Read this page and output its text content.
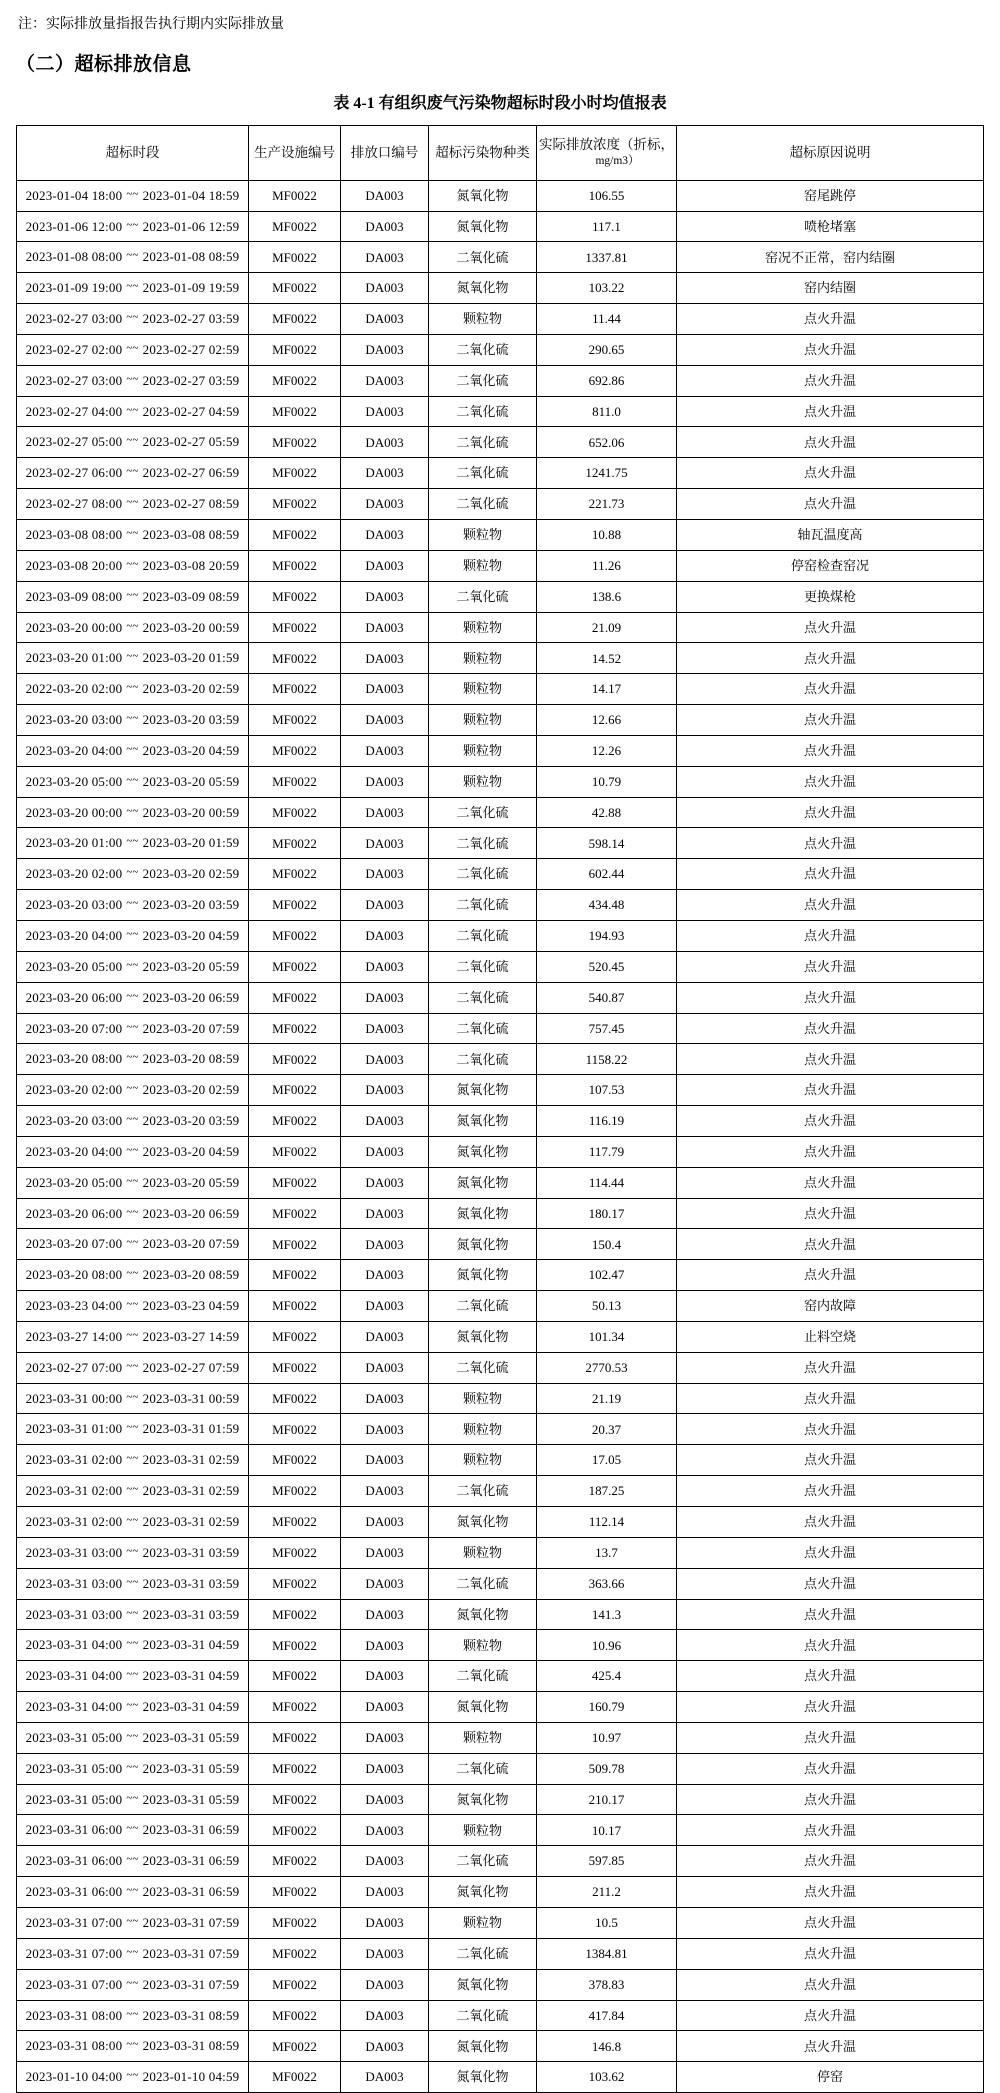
注：实际排放量指报告执行期内实际排放量
（二）超标排放信息
表 4-1 有组织废气污染物超标时段小时均值报表
超标时段	生产设施编号	排放口编号	超标污染物种类	实际排放浓度（折标，
mg/m3）	超标原因说明
2023-01-04 18:00 ~~ 2023-01-04 18:59	MF0022	DA003	氮氧化物	106.55	窑尾跳停
2023-01-06 12:00 ~~ 2023-01-06 12:59	MF0022	DA003	氮氧化物	117.1	喷枪堵塞
2023-01-08 08:00 ~~ 2023-01-08 08:59	MF0022	DA003	二氧化硫	1337.81	窑况不正常，窑内结圈
2023-01-09 19:00 ~~ 2023-01-09 19:59	MF0022	DA003	氮氧化物	103.22	窑内结圈
2023-02-27 03:00 ~~ 2023-02-27 03:59	MF0022	DA003	颗粒物	11.44	点火升温
2023-02-27 02:00 ~~ 2023-02-27 02:59	MF0022	DA003	二氧化硫	290.65	点火升温
2023-02-27 03:00 ~~ 2023-02-27 03:59	MF0022	DA003	二氧化硫	692.86	点火升温
2023-02-27 04:00 ~~ 2023-02-27 04:59	MF0022	DA003	二氧化硫	811.0	点火升温
2023-02-27 05:00 ~~ 2023-02-27 05:59	MF0022	DA003	二氧化硫	652.06	点火升温
2023-02-27 06:00 ~~ 2023-02-27 06:59	MF0022	DA003	二氧化硫	1241.75	点火升温
2023-02-27 08:00 ~~ 2023-02-27 08:59	MF0022	DA003	二氧化硫	221.73	点火升温
2023-03-08 08:00 ~~ 2023-03-08 08:59	MF0022	DA003	颗粒物	10.88	轴瓦温度高
2023-03-08 20:00 ~~ 2023-03-08 20:59	MF0022	DA003	颗粒物	11.26	停窑检查窑况
2023-03-09 08:00 ~~ 2023-03-09 08:59	MF0022	DA003	二氧化硫	138.6	更换煤枪
2023-03-20 00:00 ~~ 2023-03-20 00:59	MF0022	DA003	颗粒物	21.09	点火升温
2023-03-20 01:00 ~~ 2023-03-20 01:59	MF0022	DA003	颗粒物	14.52	点火升温
2022-03-20 02:00 ~~ 2023-03-20 02:59	MF0022	DA003	颗粒物	14.17	点火升温
2023-03-20 03:00 ~~ 2023-03-20 03:59	MF0022	DA003	颗粒物	12.66	点火升温
2023-03-20 04:00 ~~ 2023-03-20 04:59	MF0022	DA003	颗粒物	12.26	点火升温
2023-03-20 05:00 ~~ 2023-03-20 05:59	MF0022	DA003	颗粒物	10.79	点火升温
2023-03-20 00:00 ~~ 2023-03-20 00:59	MF0022	DA003	二氧化硫	42.88	点火升温
2023-03-20 01:00 ~~ 2023-03-20 01:59	MF0022	DA003	二氧化硫	598.14	点火升温
2023-03-20 02:00 ~~ 2023-03-20 02:59	MF0022	DA003	二氧化硫	602.44	点火升温
2023-03-20 03:00 ~~ 2023-03-20 03:59	MF0022	DA003	二氧化硫	434.48	点火升温
2023-03-20 04:00 ~~ 2023-03-20 04:59	MF0022	DA003	二氧化硫	194.93	点火升温
2023-03-20 05:00 ~~ 2023-03-20 05:59	MF0022	DA003	二氧化硫	520.45	点火升温
2023-03-20 06:00 ~~ 2023-03-20 06:59	MF0022	DA003	二氧化硫	540.87	点火升温
2023-03-20 07:00 ~~ 2023-03-20 07:59	MF0022	DA003	二氧化硫	757.45	点火升温
2023-03-20 08:00 ~~ 2023-03-20 08:59	MF0022	DA003	二氧化硫	1158.22	点火升温
2023-03-20 02:00 ~~ 2023-03-20 02:59	MF0022	DA003	氮氧化物	107.53	点火升温
2023-03-20 03:00 ~~ 2023-03-20 03:59	MF0022	DA003	氮氧化物	116.19	点火升温
2023-03-20 04:00 ~~ 2023-03-20 04:59	MF0022	DA003	氮氧化物	117.79	点火升温
2023-03-20 05:00 ~~ 2023-03-20 05:59	MF0022	DA003	氮氧化物	114.44	点火升温
2023-03-20 06:00 ~~ 2023-03-20 06:59	MF0022	DA003	氮氧化物	180.17	点火升温
2023-03-20 07:00 ~~ 2023-03-20 07:59	MF0022	DA003	氮氧化物	150.4	点火升温
2023-03-20 08:00 ~~ 2023-03-20 08:59	MF0022	DA003	氮氧化物	102.47	点火升温
2023-03-23 04:00 ~~ 2023-03-23 04:59	MF0022	DA003	二氧化硫	50.13	窑内故障
2023-03-27 14:00 ~~ 2023-03-27 14:59	MF0022	DA003	氮氧化物	101.34	止料空烧
2023-02-27 07:00 ~~ 2023-02-27 07:59	MF0022	DA003	二氧化硫	2770.53	点火升温
2023-03-31 00:00 ~~ 2023-03-31 00:59	MF0022	DA003	颗粒物	21.19	点火升温
2023-03-31 01:00 ~~ 2023-03-31 01:59	MF0022	DA003	颗粒物	20.37	点火升温
2023-03-31 02:00 ~~ 2023-03-31 02:59	MF0022	DA003	颗粒物	17.05	点火升温
2023-03-31 02:00 ~~ 2023-03-31 02:59	MF0022	DA003	二氧化硫	187.25	点火升温
2023-03-31 02:00 ~~ 2023-03-31 02:59	MF0022	DA003	氮氧化物	112.14	点火升温
2023-03-31 03:00 ~~ 2023-03-31 03:59	MF0022	DA003	颗粒物	13.7	点火升温
2023-03-31 03:00 ~~ 2023-03-31 03:59	MF0022	DA003	二氧化硫	363.66	点火升温
2023-03-31 03:00 ~~ 2023-03-31 03:59	MF0022	DA003	氮氧化物	141.3	点火升温
2023-03-31 04:00 ~~ 2023-03-31 04:59	MF0022	DA003	颗粒物	10.96	点火升温
2023-03-31 04:00 ~~ 2023-03-31 04:59	MF0022	DA003	二氧化硫	425.4	点火升温
2023-03-31 04:00 ~~ 2023-03-31 04:59	MF0022	DA003	氮氧化物	160.79	点火升温
2023-03-31 05:00 ~~ 2023-03-31 05:59	MF0022	DA003	颗粒物	10.97	点火升温
2023-03-31 05:00 ~~ 2023-03-31 05:59	MF0022	DA003	二氧化硫	509.78	点火升温
2023-03-31 05:00 ~~ 2023-03-31 05:59	MF0022	DA003	氮氧化物	210.17	点火升温
2023-03-31 06:00 ~~ 2023-03-31 06:59	MF0022	DA003	颗粒物	10.17	点火升温
2023-03-31 06:00 ~~ 2023-03-31 06:59	MF0022	DA003	二氧化硫	597.85	点火升温
2023-03-31 06:00 ~~ 2023-03-31 06:59	MF0022	DA003	氮氧化物	211.2	点火升温
2023-03-31 07:00 ~~ 2023-03-31 07:59	MF0022	DA003	颗粒物	10.5	点火升温
2023-03-31 07:00 ~~ 2023-03-31 07:59	MF0022	DA003	二氧化硫	1384.81	点火升温
2023-03-31 07:00 ~~ 2023-03-31 07:59	MF0022	DA003	氮氧化物	378.83	点火升温
2023-03-31 08:00 ~~ 2023-03-31 08:59	MF0022	DA003	二氧化硫	417.84	点火升温
2023-03-31 08:00 ~~ 2023-03-31 08:59	MF0022	DA003	氮氧化物	146.8	点火升温
2023-01-10 04:00 ~~ 2023-01-10 04:59	MF0022	DA003	氮氧化物	103.62	停窑
